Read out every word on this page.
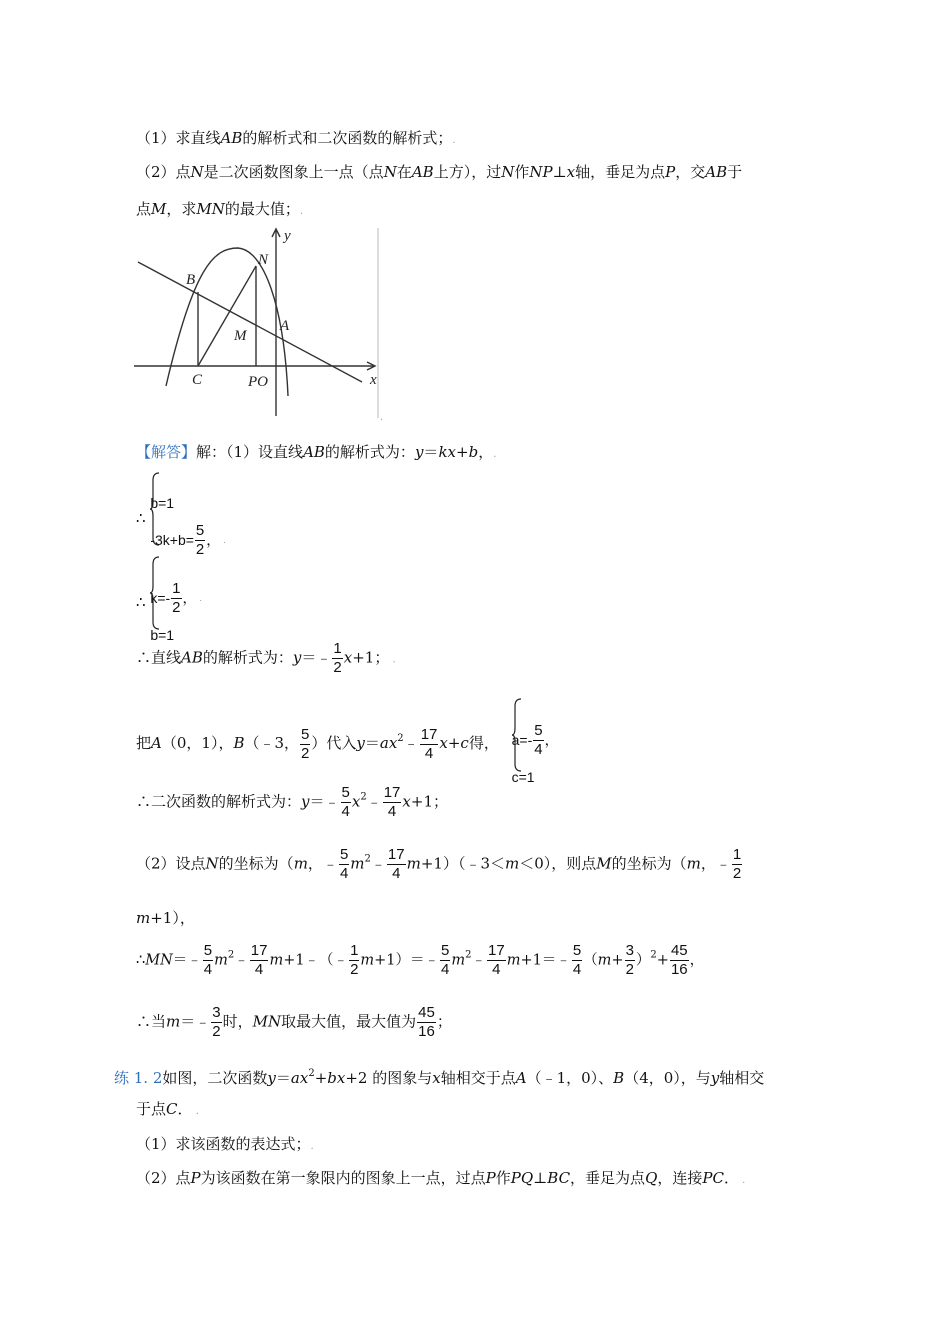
（1）求直线AB的解析式和二次函数的解析式；.
（2）点N是二次函数图象上一点（点N在AB上方），过N作NP⊥x轴，垂足为点P，交AB于
点M，求MN的最大值；.
y
x
B
N
M
A
C	PO
.
【解答】解：（1）设直线AB的解析式为：y＝kx+b，.
∴
b=1
$-3k+b= \frac{5}{2}$ ， .
∴ $k=- \frac{1}{2}$ ， .
b=1
∴直线AB的解析式为：y＝﹣ $\frac{1}{2} x+1$； .
把A（0，1），B（﹣3， $\frac{5}{2}$ ）代入$y=ax^2﹣ \frac{17}{4} x+c$得， $a=- \frac{5}{4}$ ，
c=1
∴二次函数的解析式为：y＝﹣ $\frac{5}{4}$ $x^2﹣ \frac{17}{4} x+1$；
（2）设点N的坐标为（m，﹣ $\frac{5}{4}$ $m^2﹣ \frac{17}{4}$ m+1）（﹣3＜m＜0），则点M的坐标为（m，﹣ $\frac{1}{2}$
m+1），
∴MN＝﹣ $\frac{5}{4}$ $m^2﹣ \frac{17}{4}$ m+1﹣（﹣ $\frac{1}{2}$ m+1）＝﹣ $\frac{5}{4}$ $m^2﹣ \frac{17}{4}$ m+1＝﹣ $\frac{5}{4} (m+ \frac{3}{2} )^2+ \frac{45}{16}$ ，
∴当m＝﹣ $\frac{3}{2}$ 时，MN取最大值，最大值为 $\frac{45}{16}$ ；
练 1. 2如图，二次函数$y=ax^2+bx+2$ 的图象与x轴相交于点A（﹣1，0）、B（4，0），与y轴相交
于点C． .
（1）求该函数的表达式；.
（2）点P为该函数在第一象限内的图象上一点，过点P作PQ⊥BC，垂足为点Q，连接PC． .
